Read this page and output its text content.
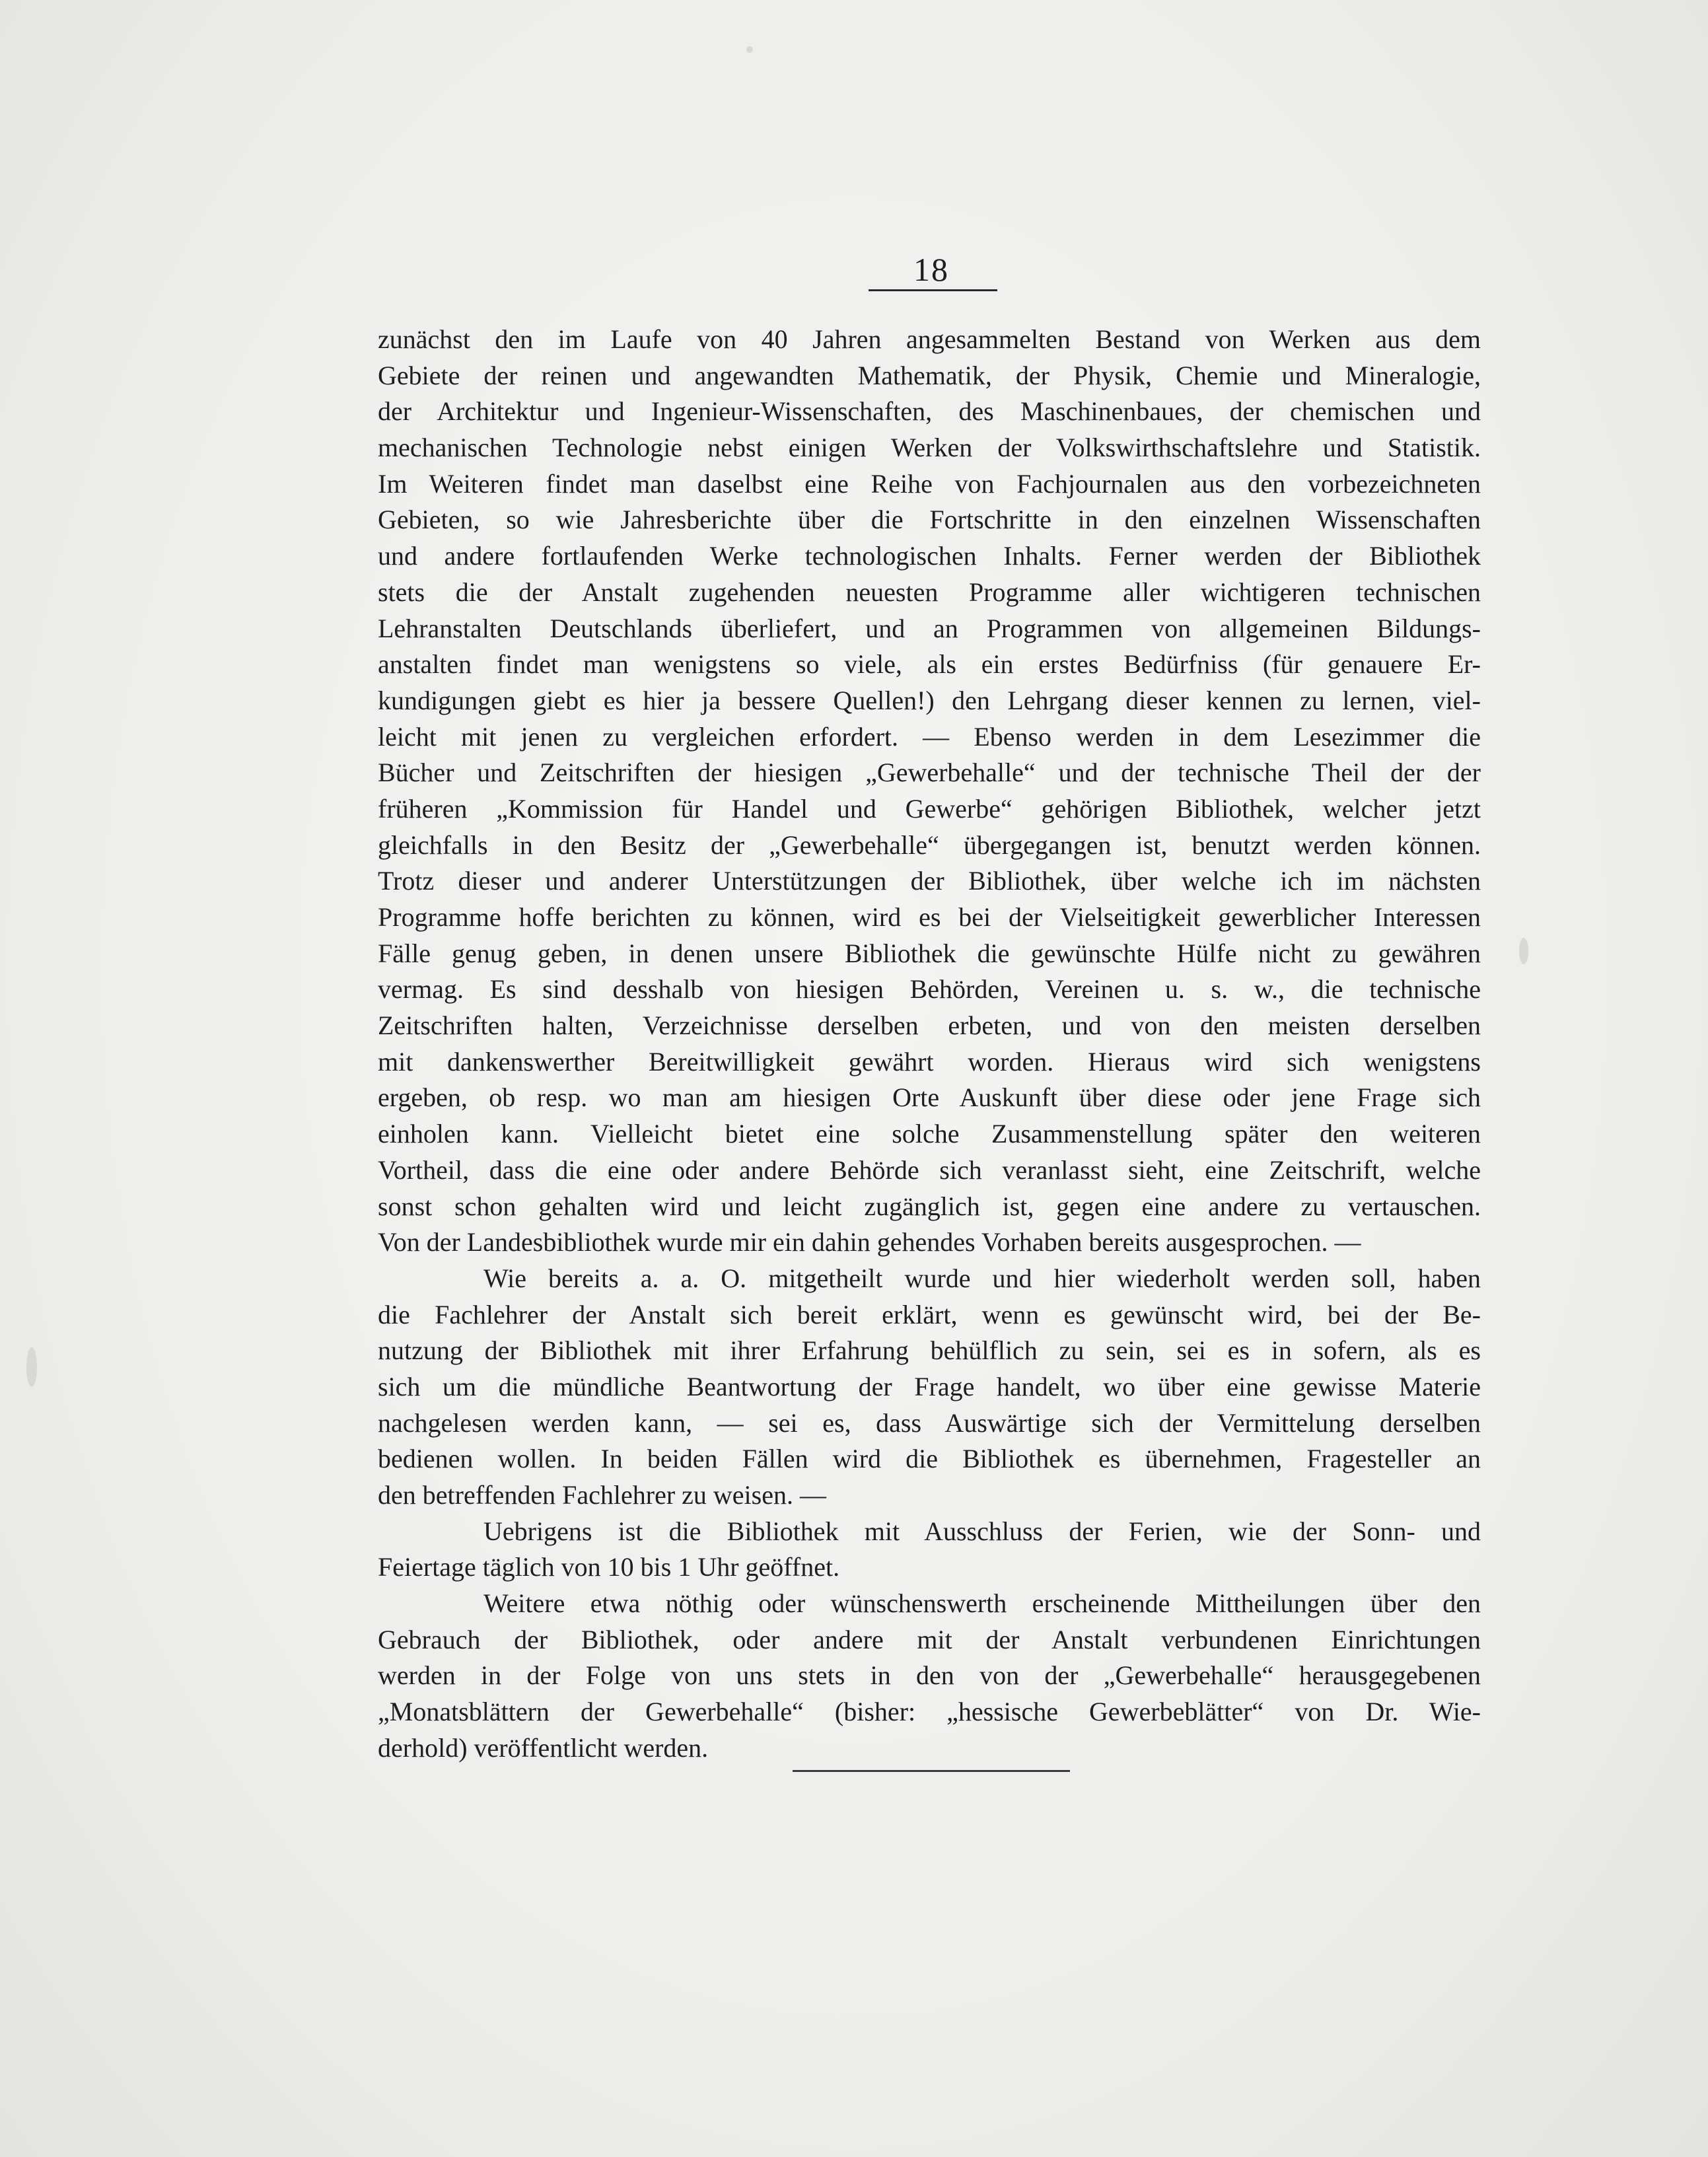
18
zunächst den im Laufe von 40 Jahren angesammelten Bestand von Werken aus dem
Gebiete der reinen und angewandten Mathematik, der Physik, Chemie und Mineralogie,
der Architektur und Ingenieur-Wissenschaften, des Maschinenbaues, der chemischen und
mechanischen Technologie nebst einigen Werken der Volkswirthschaftslehre und Statistik.
Im Weiteren findet man daselbst eine Reihe von Fachjournalen aus den vorbezeichneten
Gebieten, so wie Jahresberichte über die Fortschritte in den einzelnen Wissenschaften
und andere fortlaufenden Werke technologischen Inhalts. Ferner werden der Bibliothek
stets die der Anstalt zugehenden neuesten Programme aller wichtigeren technischen
Lehranstalten Deutschlands überliefert, und an Programmen von allgemeinen Bildungs-
anstalten findet man wenigstens so viele, als ein erstes Bedürfniss (für genauere Er-
kundigungen giebt es hier ja bessere Quellen!) den Lehrgang dieser kennen zu lernen, viel-
leicht mit jenen zu vergleichen erfordert. — Ebenso werden in dem Lesezimmer die
Bücher und Zeitschriften der hiesigen „Gewerbehalle“ und der technische Theil der der
früheren „Kommission für Handel und Gewerbe“ gehörigen Bibliothek, welcher jetzt
gleichfalls in den Besitz der „Gewerbehalle“ übergegangen ist, benutzt werden können.
Trotz dieser und anderer Unterstützungen der Bibliothek, über welche ich im nächsten
Programme hoffe berichten zu können, wird es bei der Vielseitigkeit gewerblicher Interessen
Fälle genug geben, in denen unsere Bibliothek die gewünschte Hülfe nicht zu gewähren
vermag. Es sind desshalb von hiesigen Behörden, Vereinen u. s. w., die technische
Zeitschriften halten, Verzeichnisse derselben erbeten, und von den meisten derselben
mit dankenswerther Bereitwilligkeit gewährt worden. Hieraus wird sich wenigstens
ergeben, ob resp. wo man am hiesigen Orte Auskunft über diese oder jene Frage sich
einholen kann. Vielleicht bietet eine solche Zusammenstellung später den weiteren
Vortheil, dass die eine oder andere Behörde sich veranlasst sieht, eine Zeitschrift, welche
sonst schon gehalten wird und leicht zugänglich ist, gegen eine andere zu vertauschen.
Von der Landesbibliothek wurde mir ein dahin gehendes Vorhaben bereits ausgesprochen. —
Wie bereits a. a. O. mitgetheilt wurde und hier wiederholt werden soll, haben
die Fachlehrer der Anstalt sich bereit erklärt, wenn es gewünscht wird, bei der Be-
nutzung der Bibliothek mit ihrer Erfahrung behülflich zu sein, sei es in sofern, als es
sich um die mündliche Beantwortung der Frage handelt, wo über eine gewisse Materie
nachgelesen werden kann, — sei es, dass Auswärtige sich der Vermittelung derselben
bedienen wollen. In beiden Fällen wird die Bibliothek es übernehmen, Fragesteller an
den betreffenden Fachlehrer zu weisen. —
Uebrigens ist die Bibliothek mit Ausschluss der Ferien, wie der Sonn- und
Feiertage täglich von 10 bis 1 Uhr geöffnet.
Weitere etwa nöthig oder wünschenswerth erscheinende Mittheilungen über den
Gebrauch der Bibliothek, oder andere mit der Anstalt verbundenen Einrichtungen
werden in der Folge von uns stets in den von der „Gewerbehalle“ herausgegebenen
„Monatsblättern der Gewerbehalle“ (bisher: „hessische Gewerbeblätter“ von Dr. Wie-
derhold) veröffentlicht werden.
